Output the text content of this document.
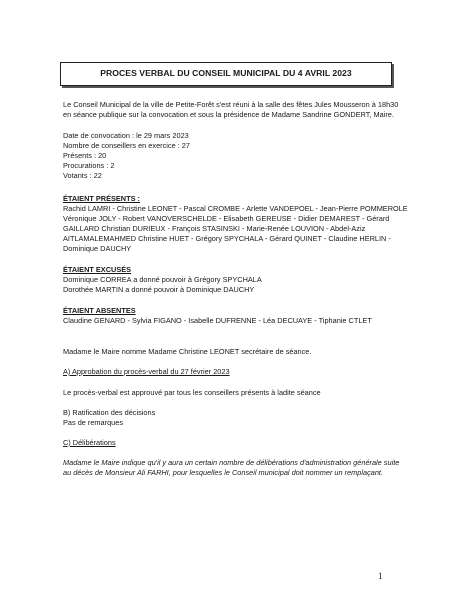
PROCES VERBAL DU CONSEIL MUNICIPAL DU 4 AVRIL 2023

Le Conseil Municipal de la ville de Petite-Forêt s'est réuni à la salle des fêtes Jules Mousseron à 18h30

en séance publique sur la convocation et sous la présidence de Madame Sandrine GONDERT, Maire.

Date de convocation : le 29 mars 2023

Nombre de conseillers en exercice : 27

Présents : 20

Procurations : 2

Votants : 22

ÉTAIENT PRÉSENTS :

Rachid LAMRI - Christine LEONET - Pascal CROMBE - Arlette VANDEPOEL - Jean-Pierre POMMEROLE

Véronique JOLY - Robert VANOVERSCHELDE - Elisabeth GEREUSE - Didier DEMAREST - Gérard

GAILLARD Christian DURIEUX - François STASINSKI - Marie-Renée LOUVION - Abdel-Aziz

AITLAMALEMAHMED Christine HUET - Grégory SPYCHALA - Gérard QUINET - Claudine HERLIN -

Dominique DAUCHY

ÉTAIENT EXCUSÉS

Dominique CORREA a donné pouvoir à Grégory SPYCHALA

Dorothée MARTIN a donné pouvoir à Dominique DAUCHY

ÉTAIENT ABSENTES

Claudine GENARD - Sylvia FIGANO - Isabelle DUFRENNE - Léa DECUAYE - Tiphanie CTLET

Madame le Maire nomme Madame Christine LEONET secrétaire de séance.

A) Approbation du procès-verbal du 27 février 2023

Le procès-verbal est approuvé par tous les conseillers présents à ladite séance

B) Ratification des décisions

Pas de remarques

C) Délibérations

Madame le Maire indique qu'il y aura un certain nombre de délibérations d'administration générale suite

au décès de Monsieur Ali FARHI, pour lesquelles le Conseil municipal doit nommer un remplaçant.

1
